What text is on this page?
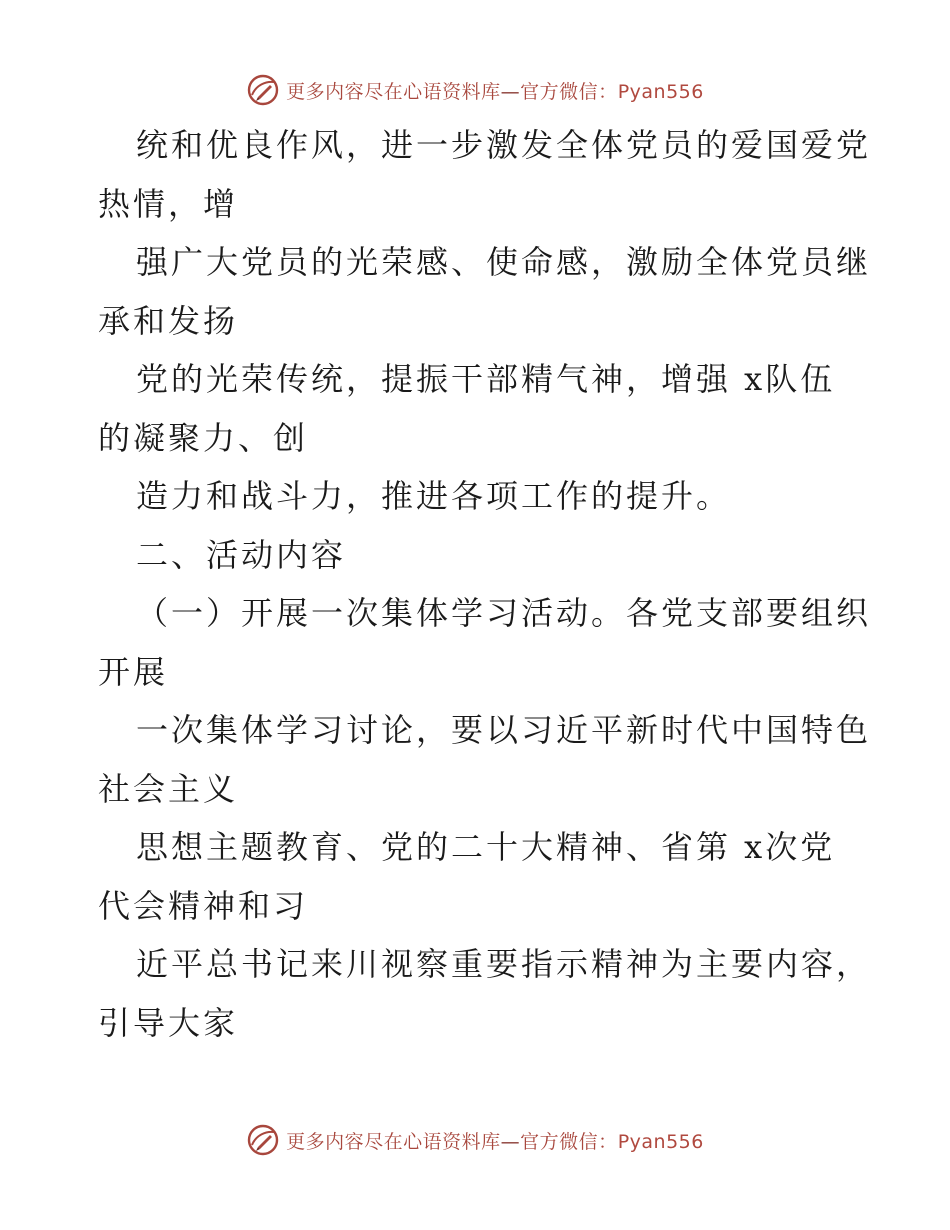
更多内容尽在心语资料库—官方微信：Pyan556
统和优良作风，进一步激发全体党员的爱国爱党
热情，增
强广大党员的光荣感、使命感，激励全体党员继
承和发扬
党的光荣传统，提振干部精气神，增强 x队伍
的凝聚力、创
造力和战斗力，推进各项工作的提升。
二、活动内容
（一）开展一次集体学习活动。各党支部要组织
开展
一次集体学习讨论，要以习近平新时代中国特色
社会主义
思想主题教育、党的二十大精神、省第 x次党
代会精神和习
近平总书记来川视察重要指示精神为主要内容，
引导大家
更多内容尽在心语资料库—官方微信：Pyan556
